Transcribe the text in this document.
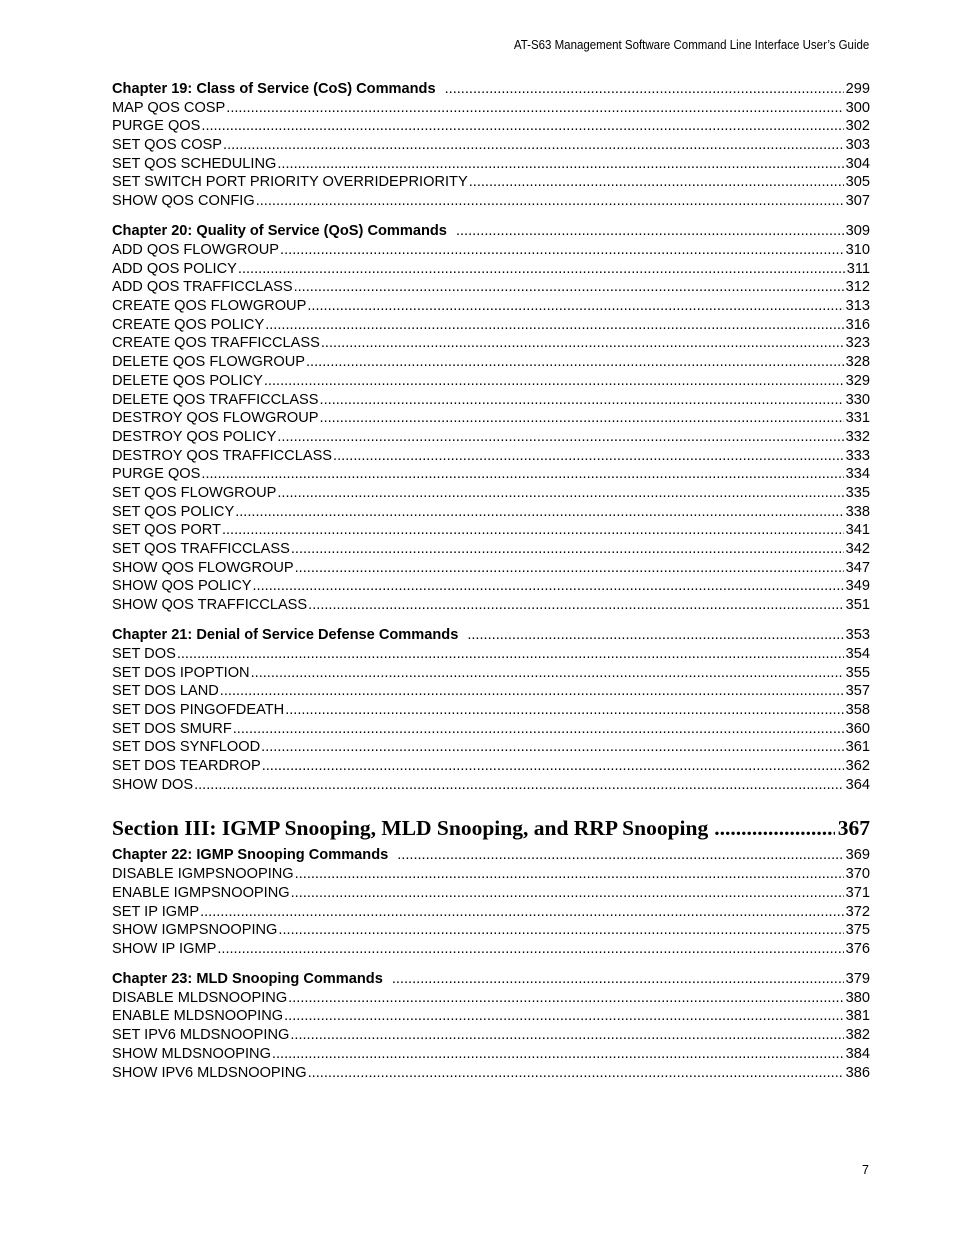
AT-S63 Management Software Command Line Interface User’s Guide
Chapter 19: Class of Service (CoS) Commands .....	299
MAP QOS COSP .....	300
PURGE QOS .....	302
SET QOS COSP .....	303
SET QOS SCHEDULING .....	304
SET SWITCH PORT PRIORITY OVERRIDEPRIORITY .....	305
SHOW QOS CONFIG .....	307
Chapter 20: Quality of Service (QoS) Commands .....	309
ADD QOS FLOWGROUP .....	310
ADD QOS POLICY .....	311
ADD QOS TRAFFICCLASS .....	312
CREATE QOS FLOWGROUP .....	313
CREATE QOS POLICY .....	316
CREATE QOS TRAFFICCLASS .....	323
DELETE QOS FLOWGROUP .....	328
DELETE QOS POLICY .....	329
DELETE QOS TRAFFICCLASS .....	330
DESTROY QOS FLOWGROUP .....	331
DESTROY QOS POLICY .....	332
DESTROY QOS TRAFFICCLASS .....	333
PURGE QOS .....	334
SET QOS FLOWGROUP .....	335
SET QOS POLICY .....	338
SET QOS PORT .....	341
SET QOS TRAFFICCLASS .....	342
SHOW QOS FLOWGROUP .....	347
SHOW QOS POLICY .....	349
SHOW QOS TRAFFICCLASS .....	351
Chapter 21: Denial of Service Defense Commands .....	353
SET DOS .....	354
SET DOS IPOPTION .....	355
SET DOS LAND .....	357
SET DOS PINGOFDEATH .....	358
SET DOS SMURF .....	360
SET DOS SYNFLOOD .....	361
SET DOS TEARDROP .....	362
SHOW DOS .....	364
Section III: IGMP Snooping, MLD Snooping, and RRP Snooping .....	367
Chapter 22: IGMP Snooping Commands .....	369
DISABLE IGMPSNOOPING .....	370
ENABLE IGMPSNOOPING .....	371
SET IP IGMP .....	372
SHOW IGMPSNOOPING .....	375
SHOW IP IGMP .....	376
Chapter 23: MLD Snooping Commands .....	379
DISABLE MLDSNOOPING .....	380
ENABLE MLDSNOOPING .....	381
SET IPV6 MLDSNOOPING .....	382
SHOW MLDSNOOPING .....	384
SHOW IPV6 MLDSNOOPING .....	386
7
